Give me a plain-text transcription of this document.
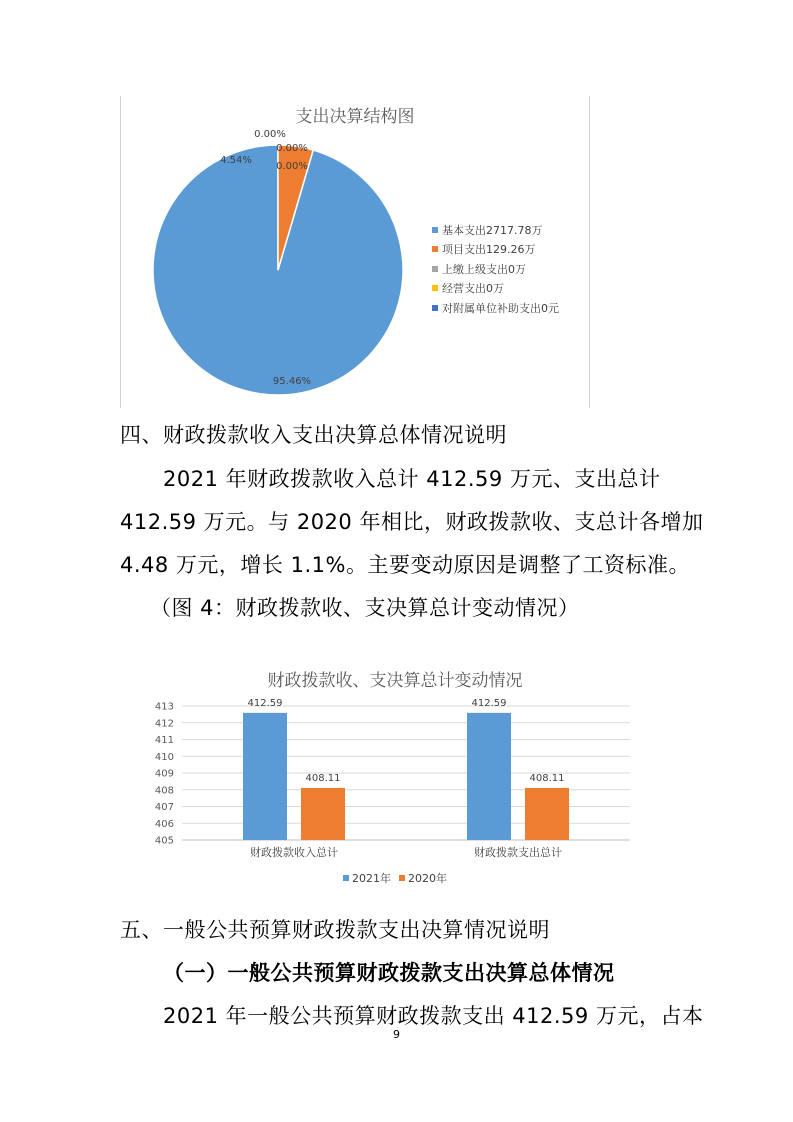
支出决算结构图
95.46%
4.54%
0.00%
0.00%
0.00%
基本支出2717.78万
项目支出129.26万
上缴上级支出0万
经营支出0万
对附属单位补助支出0元
四、财政拨款收入支出决算总体情况说明
2021 年财政拨款收入总计 412.59 万元、支出总计
412.59 万元。与 2020 年相比，财政拨款收、支总计各增加
4.48 万元，增长 1.1%。主要变动原因是调整了工资标准。
（图 4：财政拨款收、支决算总计变动情况）
财政拨款收、支决算总计变动情况
405
406
407
408
409
410
411
412
413	412.59
408.11
财政拨款收入总计
412.59
408.11
财政拨款支出总计
2021年 2020年
五、一般公共预算财政拨款支出决算情况说明
（一）一般公共预算财政拨款支出决算总体情况
2021 年一般公共预算财政拨款支出 412.59 万元，占本
9
